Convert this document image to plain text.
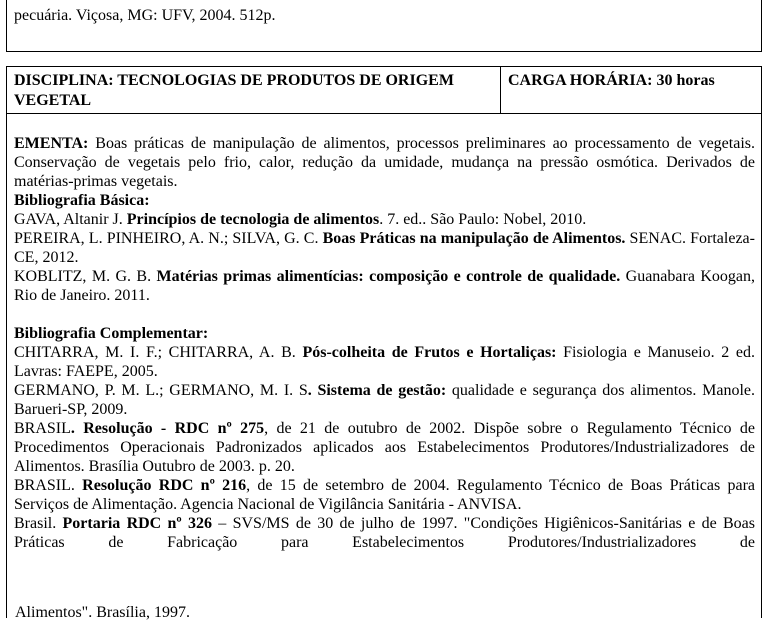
pecuária. Viçosa, MG: UFV, 2004. 512p.

DISCIPLINA: TECNOLOGIAS DE PRODUTOS DE ORIGEM VEGETAL
CARGA HORÁRIA: 30 horas

EMENTA: Boas práticas de manipulação de alimentos, processos preliminares ao processamento de vegetais. Conservação de vegetais pelo frio, calor, redução da umidade, mudança na pressão osmótica. Derivados de matérias-primas vegetais.

Bibliografia Básica:

GAVA, Altanir J. Princípios de tecnologia de alimentos. 7. ed.. São Paulo: Nobel, 2010.

PEREIRA, L. PINHEIRO, A. N.; SILVA, G. C. Boas Práticas na manipulação de Alimentos. SENAC. Fortaleza-CE, 2012.

KOBLITZ, M. G. B. Matérias primas alimentícias: composição e controle de qualidade. Guanabara Koogan, Rio de Janeiro. 2011.

Bibliografia Complementar:

CHITARRA, M. I. F.; CHITARRA, A. B. Pós-colheita de Frutos e Hortaliças: Fisiologia e Manuseio. 2 ed. Lavras: FAEPE, 2005.

GERMANO, P. M. L.; GERMANO, M. I. S. Sistema de gestão: qualidade e segurança dos alimentos. Manole. Barueri-SP, 2009.

BRASIL. Resolução - RDC nº 275, de 21 de outubro de 2002. Dispõe sobre o Regulamento Técnico de Procedimentos Operacionais Padronizados aplicados aos Estabelecimentos Produtores/Industrializadores de Alimentos. Brasília Outubro de 2003. p. 20.

BRASIL. Resolução RDC nº 216, de 15 de setembro de 2004. Regulamento Técnico de Boas Práticas para Serviços de Alimentação. Agencia Nacional de Vigilância Sanitária - ANVISA.

Brasil. Portaria RDC nº 326 – SVS/MS de 30 de julho de 1997. "Condições Higiênicos-Sanitárias e de Boas Práticas de Fabricação para Estabelecimentos Produtores/Industrializadores de

Alimentos". Brasília, 1997.
